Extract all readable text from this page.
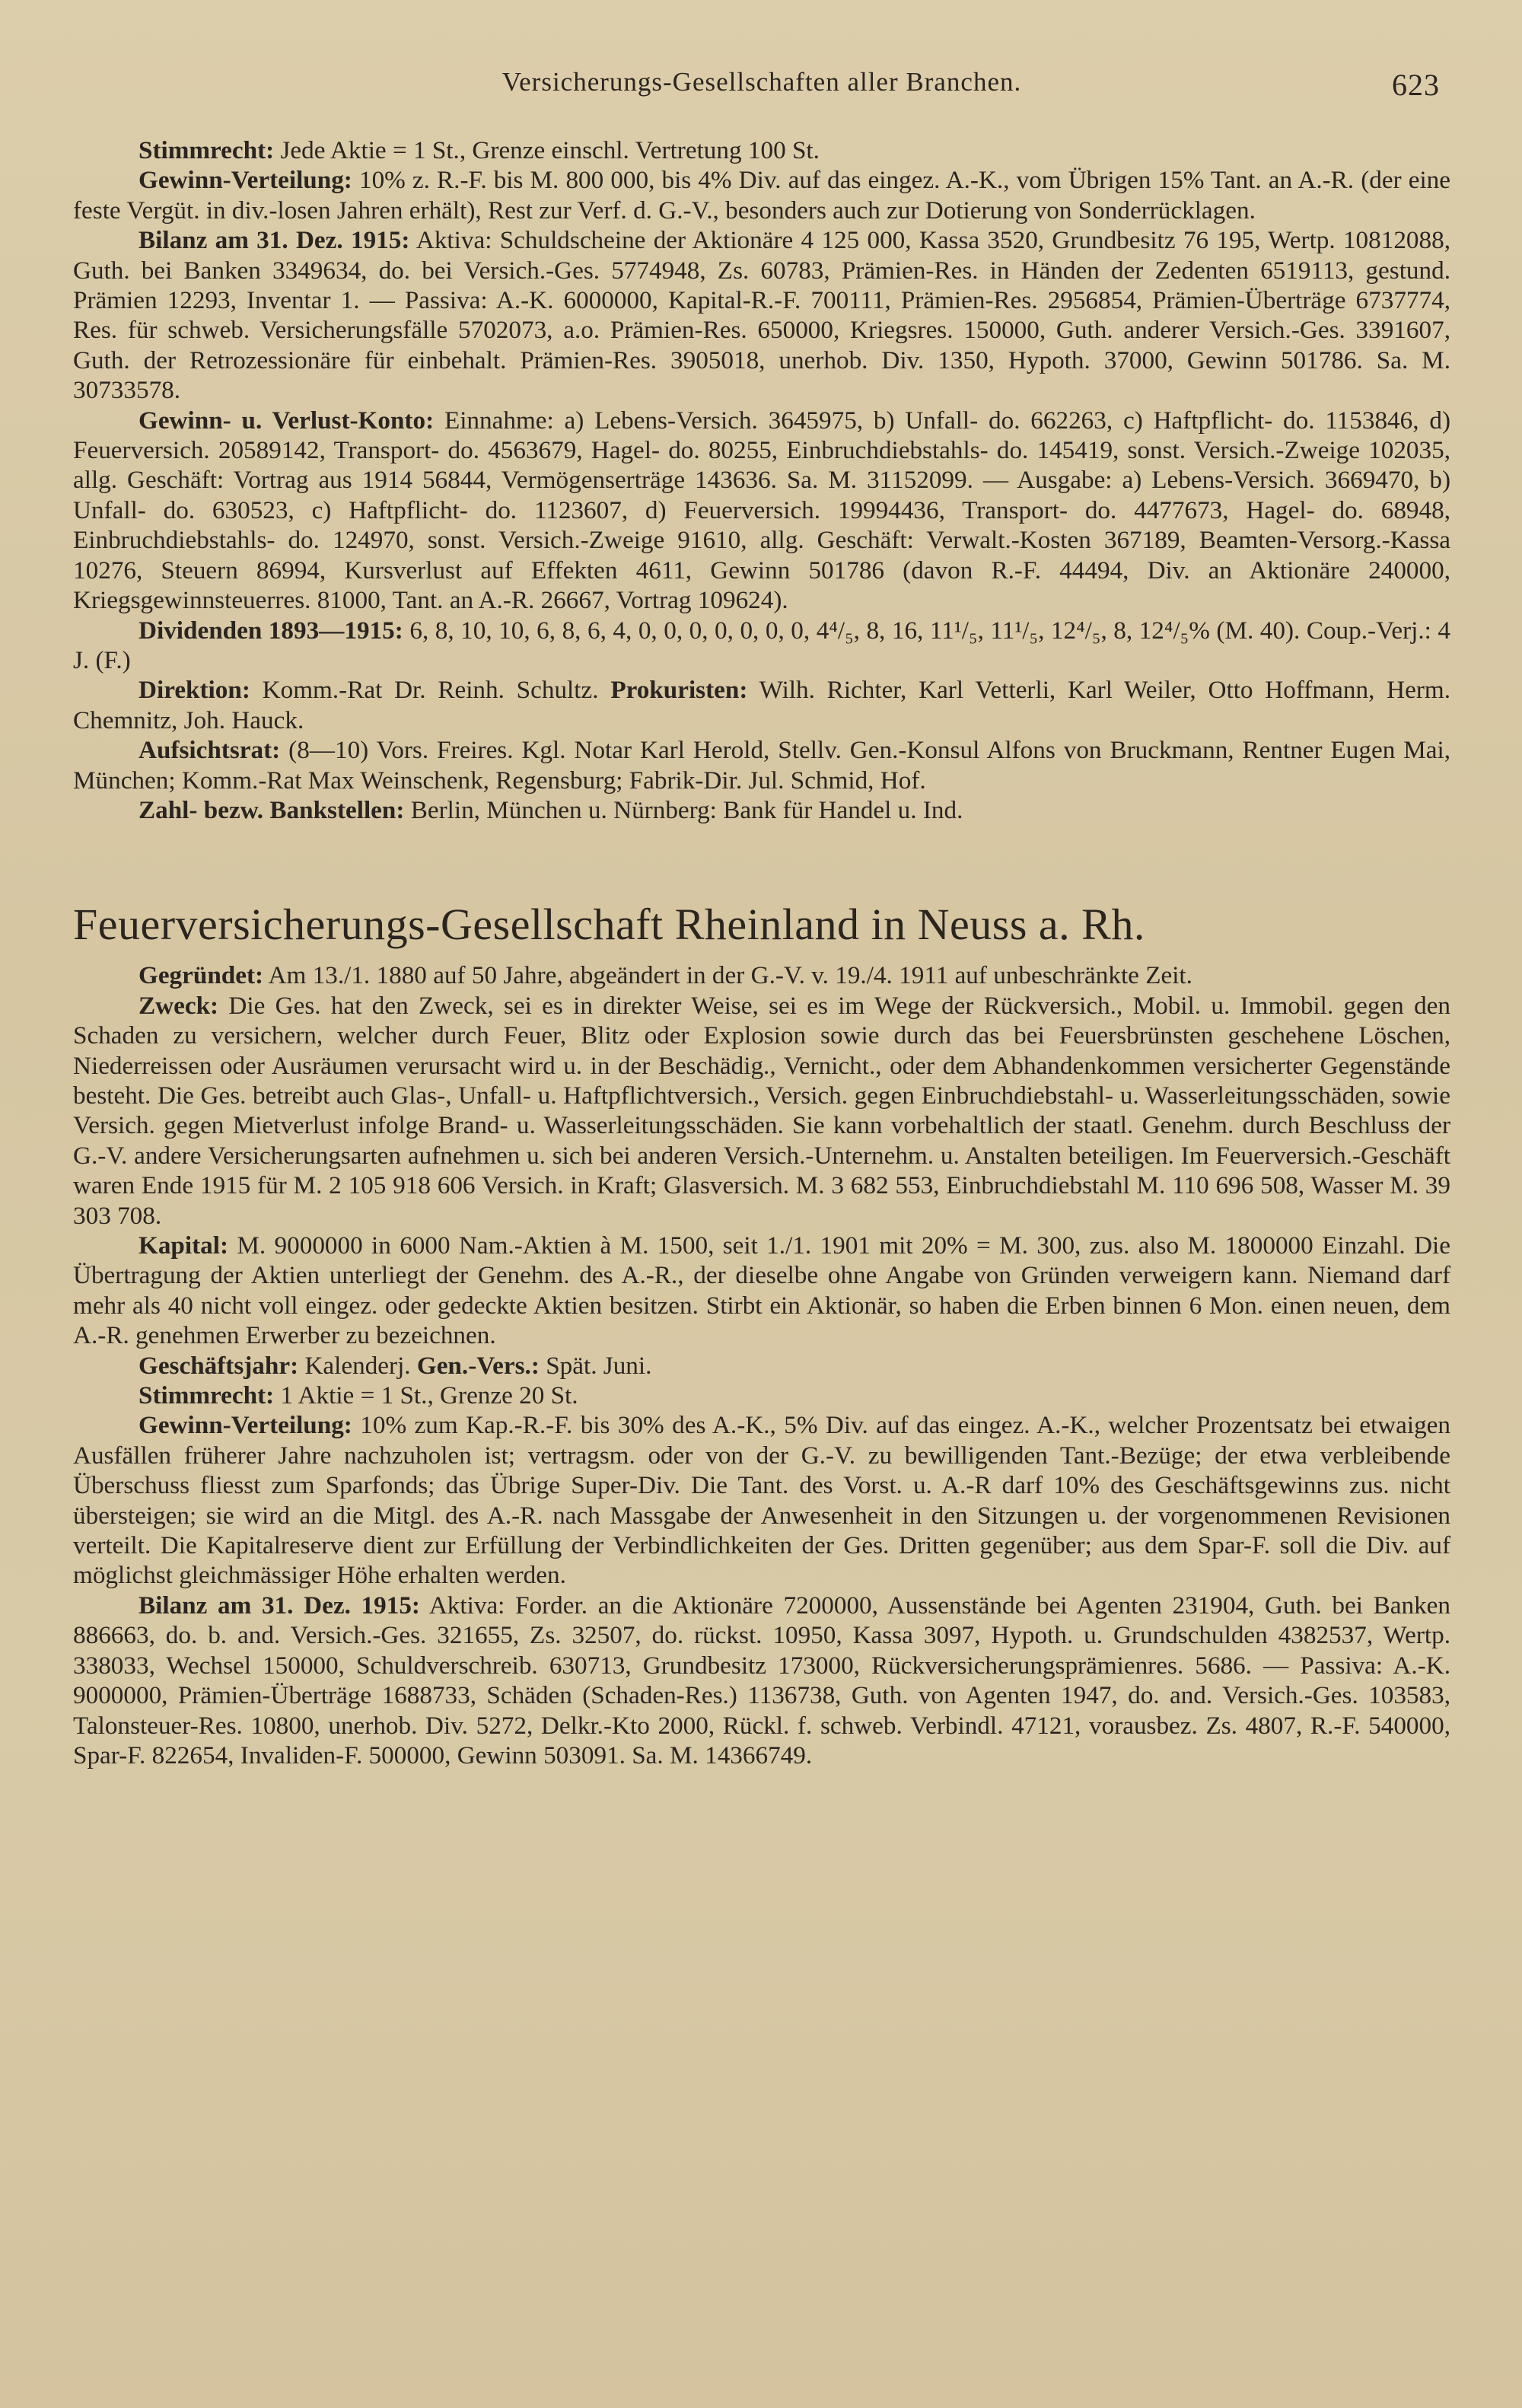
Versicherungs-Gesellschaften aller Branchen.	623

Stimmrecht: Jede Aktie = 1 St., Grenze einschl. Vertretung 100 St.

Gewinn-Verteilung: 10% z. R.-F. bis M. 800 000, bis 4% Div. auf das eingez. A.-K., vom Übrigen 15% Tant. an A.-R. (der eine feste Vergüt. in div.-losen Jahren erhält), Rest zur Verf. d. G.-V., besonders auch zur Dotierung von Sonderrücklagen.

Bilanz am 31. Dez. 1915: Aktiva: Schuldscheine der Aktionäre 4 125 000, Kassa 3520, Grundbesitz 76 195, Wertp. 10812088, Guth. bei Banken 3349634, do. bei Versich.-Ges. 5774948, Zs. 60783, Prämien-Res. in Händen der Zedenten 6519113, gestund. Prämien 12293, Inventar 1. — Passiva: A.-K. 6000000, Kapital-R.-F. 700111, Prämien-Res. 2956854, Prämien-Überträge 6737774, Res. für schweb. Versicherungsfälle 5702073, a.o. Prämien-Res. 650000, Kriegsres. 150000, Guth. anderer Versich.-Ges. 3391607, Guth. der Retrozessionäre für einbehalt. Prämien-Res. 3905018, unerhob. Div. 1350, Hypoth. 37000, Gewinn 501786. Sa. M. 30733578.

Gewinn- u. Verlust-Konto: Einnahme: a) Lebens-Versich. 3645975, b) Unfall- do. 662263, c) Haftpflicht- do. 1153846, d) Feuerversich. 20589142, Transport- do. 4563679, Hagel- do. 80255, Einbruchdiebstahls- do. 145419, sonst. Versich.-Zweige 102035, allg. Geschäft: Vortrag aus 1914 56844, Vermögenserträge 143636. Sa. M. 31152099. — Ausgabe: a) Lebens-Versich. 3669470, b) Unfall- do. 630523, c) Haftpflicht- do. 1123607, d) Feuerversich. 19994436, Transport- do. 4477673, Hagel- do. 68948, Einbruchdiebstahls- do. 124970, sonst. Versich.-Zweige 91610, allg. Geschäft: Verwalt.-Kosten 367189, Beamten-Versorg.-Kassa 10276, Steuern 86994, Kursverlust auf Effekten 4611, Gewinn 501786 (davon R.-F. 44494, Div. an Aktionäre 240000, Kriegsgewinnsteuerres. 81000, Tant. an A.-R. 26667, Vortrag 109624).

Dividenden 1893—1915: 6, 8, 10, 10, 6, 8, 6, 4, 0, 0, 0, 0, 0, 0, 0, 4⁴/₅, 8, 16, 11¹/₅, 11¹/₅, 12⁴/₅, 8, 12⁴/₅% (M. 40). Coup.-Verj.: 4 J. (F.)

Direktion: Komm.-Rat Dr. Reinh. Schultz. Prokuristen: Wilh. Richter, Karl Vetterli, Karl Weiler, Otto Hoffmann, Herm. Chemnitz, Joh. Hauck.

Aufsichtsrat: (8—10) Vors. Freires. Kgl. Notar Karl Herold, Stellv. Gen.-Konsul Alfons von Bruckmann, Rentner Eugen Mai, München; Komm.-Rat Max Weinschenk, Regensburg; Fabrik-Dir. Jul. Schmid, Hof.

Zahl- bezw. Bankstellen: Berlin, München u. Nürnberg: Bank für Handel u. Ind.

Feuerversicherungs-Gesellschaft Rheinland in Neuss a. Rh.

Gegründet: Am 13./1. 1880 auf 50 Jahre, abgeändert in der G.-V. v. 19./4. 1911 auf unbeschränkte Zeit.

Zweck: Die Ges. hat den Zweck, sei es in direkter Weise, sei es im Wege der Rückversich., Mobil. u. Immobil. gegen den Schaden zu versichern, welcher durch Feuer, Blitz oder Explosion sowie durch das bei Feuersbrünsten geschehene Löschen, Niederreissen oder Ausräumen verursacht wird u. in der Beschädig., Vernicht., oder dem Abhandenkommen versicherter Gegenstände besteht. Die Ges. betreibt auch Glas-, Unfall- u. Haftpflichtversich., Versich. gegen Einbruchdiebstahl- u. Wasserleitungsschäden, sowie Versich. gegen Mietverlust infolge Brand- u. Wasserleitungsschäden. Sie kann vorbehaltlich der staatl. Genehm. durch Beschluss der G.-V. andere Versicherungsarten aufnehmen u. sich bei anderen Versich.-Unternehm. u. Anstalten beteiligen. Im Feuerversich.-Geschäft waren Ende 1915 für M. 2 105 918 606 Versich. in Kraft; Glasversich. M. 3 682 553, Einbruchdiebstahl M. 110 696 508, Wasser M. 39 303 708.

Kapital: M. 9000000 in 6000 Nam.-Aktien à M. 1500, seit 1./1. 1901 mit 20% = M. 300, zus. also M. 1800000 Einzahl. Die Übertragung der Aktien unterliegt der Genehm. des A.-R., der dieselbe ohne Angabe von Gründen verweigern kann. Niemand darf mehr als 40 nicht voll eingez. oder gedeckte Aktien besitzen. Stirbt ein Aktionär, so haben die Erben binnen 6 Mon. einen neuen, dem A.-R. genehmen Erwerber zu bezeichnen.

Geschäftsjahr: Kalenderj. Gen.-Vers.: Spät. Juni.

Stimmrecht: 1 Aktie = 1 St., Grenze 20 St.

Gewinn-Verteilung: 10% zum Kap.-R.-F. bis 30% des A.-K., 5% Div. auf das eingez. A.-K., welcher Prozentsatz bei etwaigen Ausfällen früherer Jahre nachzuholen ist; vertragsm. oder von der G.-V. zu bewilligenden Tant.-Bezüge; der etwa verbleibende Überschuss fliesst zum Sparfonds; das Übrige Super-Div. Die Tant. des Vorst. u. A.-R darf 10% des Geschäftsgewinns zus. nicht übersteigen; sie wird an die Mitgl. des A.-R. nach Massgabe der Anwesenheit in den Sitzungen u. der vorgenommenen Revisionen verteilt. Die Kapitalreserve dient zur Erfüllung der Verbindlichkeiten der Ges. Dritten gegenüber; aus dem Spar-F. soll die Div. auf möglichst gleichmässiger Höhe erhalten werden.

Bilanz am 31. Dez. 1915: Aktiva: Forder. an die Aktionäre 7200000, Aussenstände bei Agenten 231904, Guth. bei Banken 886663, do. b. and. Versich.-Ges. 321655, Zs. 32507, do. rückst. 10950, Kassa 3097, Hypoth. u. Grundschulden 4382537, Wertp. 338033, Wechsel 150000, Schuldverschreib. 630713, Grundbesitz 173000, Rückversicherungsprämienres. 5686. — Passiva: A.-K. 9000000, Prämien-Überträge 1688733, Schäden (Schaden-Res.) 1136738, Guth. von Agenten 1947, do. and. Versich.-Ges. 103583, Talonsteuer-Res. 10800, unerhob. Div. 5272, Delkr.-Kto 2000, Rückl. f. schweb. Verbindl. 47121, vorausbez. Zs. 4807, R.-F. 540000, Spar-F. 822654, Invaliden-F. 500000, Gewinn 503091. Sa. M. 14366749.
